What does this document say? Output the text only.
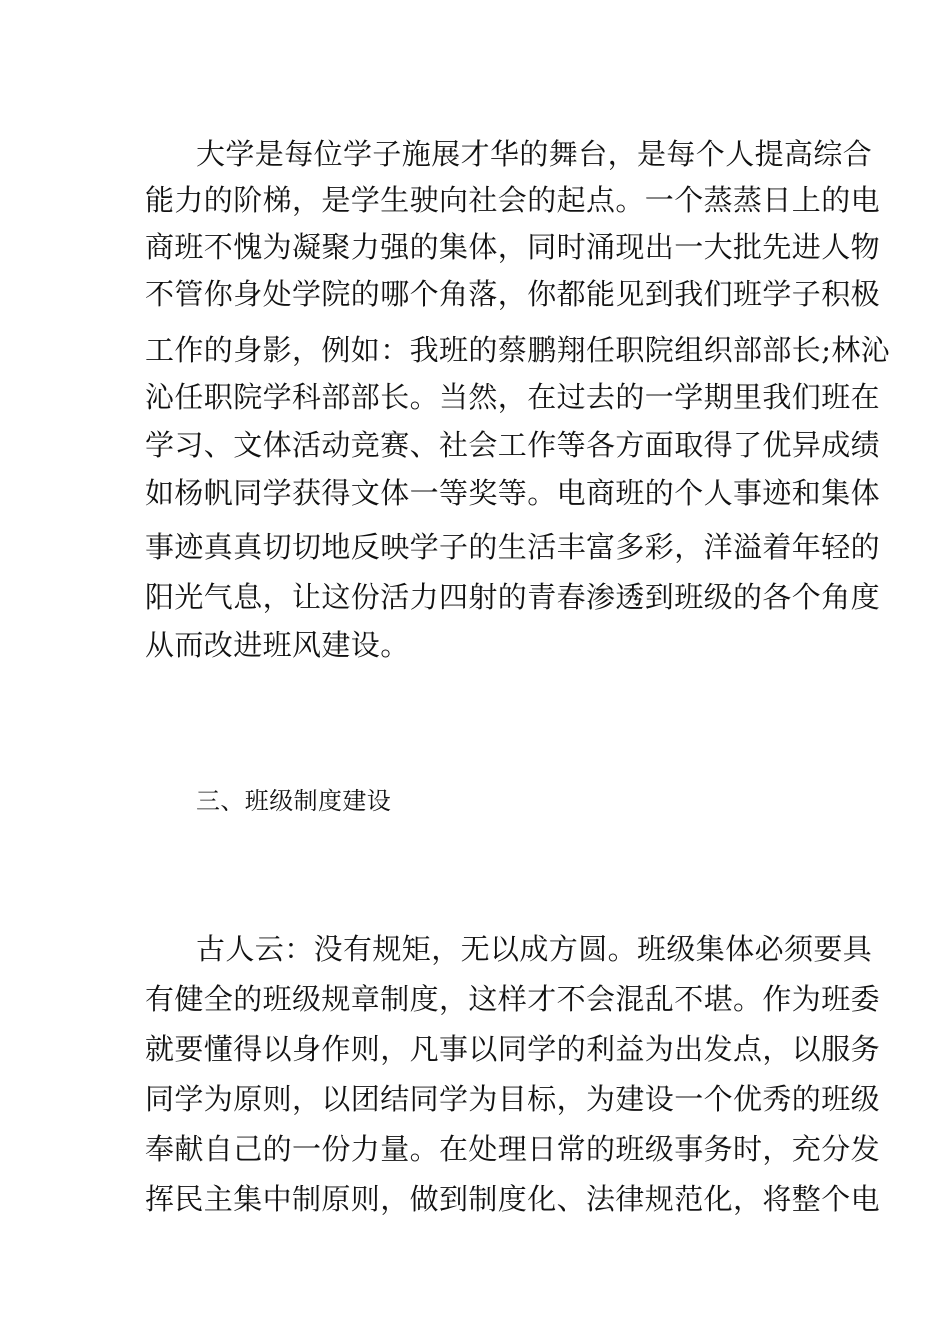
大学是每位学子施展才华的舞台，是每个人提高综合
能力的阶梯，是学生驶向社会的起点。一个蒸蒸日上的电
商班不愧为凝聚力强的集体，同时涌现出一大批先进人物
不管你身处学院的哪个角落，你都能见到我们班学子积极
工作的身影，例如：我班的蔡鹏翔任职院组织部部长;林沁
沁任职院学科部部长。当然，在过去的一学期里我们班在
学习、文体活动竞赛、社会工作等各方面取得了优异成绩
如杨帆同学获得文体一等奖等。电商班的个人事迹和集体
事迹真真切切地反映学子的生活丰富多彩，洋溢着年轻的
阳光气息，让这份活力四射的青春渗透到班级的各个角度
从而改进班风建设。
三、班级制度建设
古人云：没有规矩，无以成方圆。班级集体必须要具
有健全的班级规章制度，这样才不会混乱不堪。作为班委
就要懂得以身作则，凡事以同学的利益为出发点，以服务
同学为原则，以团结同学为目标，为建设一个优秀的班级
奉献自己的一份力量。在处理日常的班级事务时，充分发
挥民主集中制原则，做到制度化、法律规范化，将整个电
